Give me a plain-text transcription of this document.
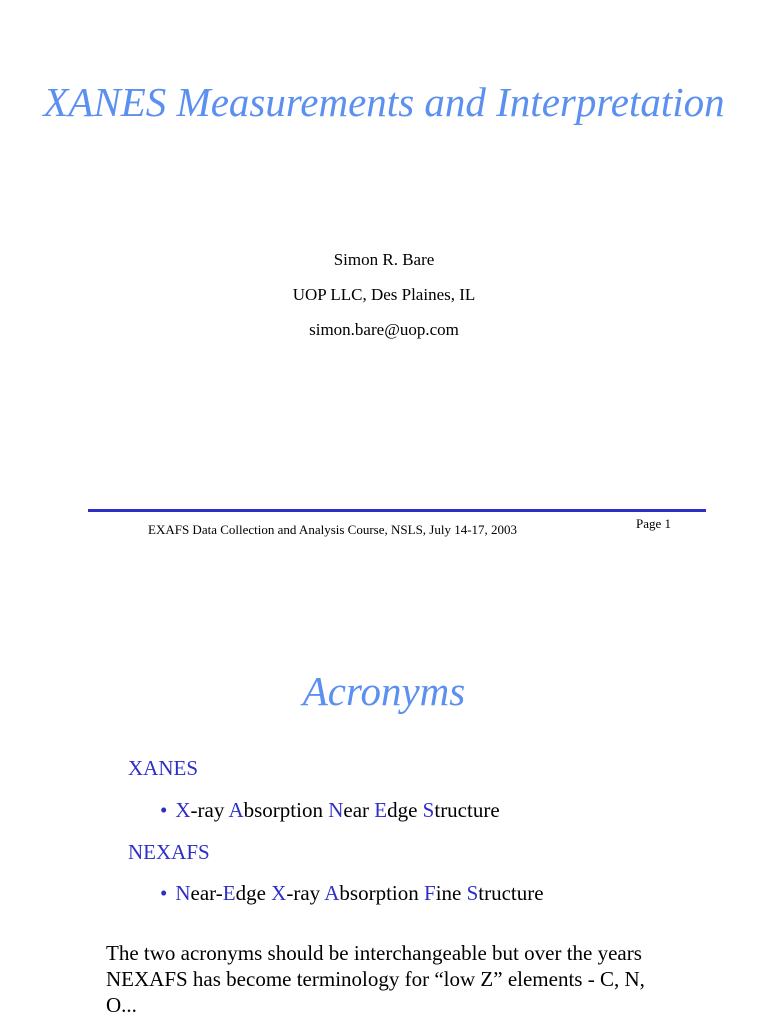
XANES Measurements and Interpretation
Simon R. Bare
UOP LLC, Des Plaines, IL
simon.bare@uop.com
EXAFS Data Collection and Analysis Course, NSLS, July 14-17, 2003	Page 1
Acronyms
XANES
• X-ray Absorption Near Edge Structure
NEXAFS
• Near-Edge X-ray Absorption Fine Structure

The two acronyms should be interchangeable but over the years NEXAFS has become terminology for “low Z” elements - C, N, O...
